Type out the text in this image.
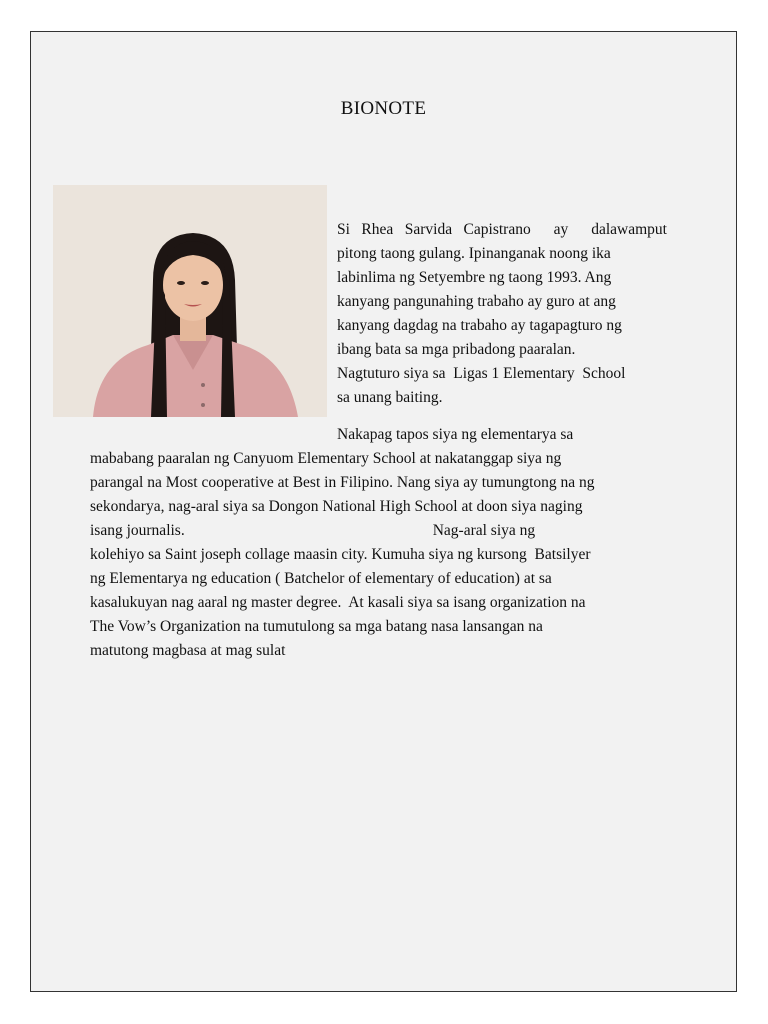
BIONOTE
Si Rhea Sarvida Capistrano  ay  dalawamput
pitong taong gulang. Ipinanganak noong ika
labinlima ng Setyembre ng taong 1993. Ang
kanyang pangunahing trabaho ay guro at ang
kanyang dagdag na trabaho ay tagapagturo ng
ibang bata sa mga pribadong paaralan.
Nagtuturo siya sa  Ligas 1 Elementary  School
sa unang baiting.
Nakapag tapos siya ng elementarya sa
mababang paaralan ng Canyuom Elementary School at nakatanggap siya ng
parangal na Most cooperative at Best in Filipino. Nang siya ay tumungtong na ng
sekondarya, nag-aral siya sa Dongon National High School at doon siya naging
isang journalis.                                                                Nag-aral siya ng
kolehiyo sa Saint joseph collage maasin city. Kumuha siya ng kursong  Batsilyer
ng Elementarya ng education ( Batchelor of elementary of education) at sa
kasalukuyan nag aaral ng master degree.  At kasali siya sa isang organization na
The Vow’s Organization na tumutulong sa mga batang nasa lansangan na
matutong magbasa at mag sulat
